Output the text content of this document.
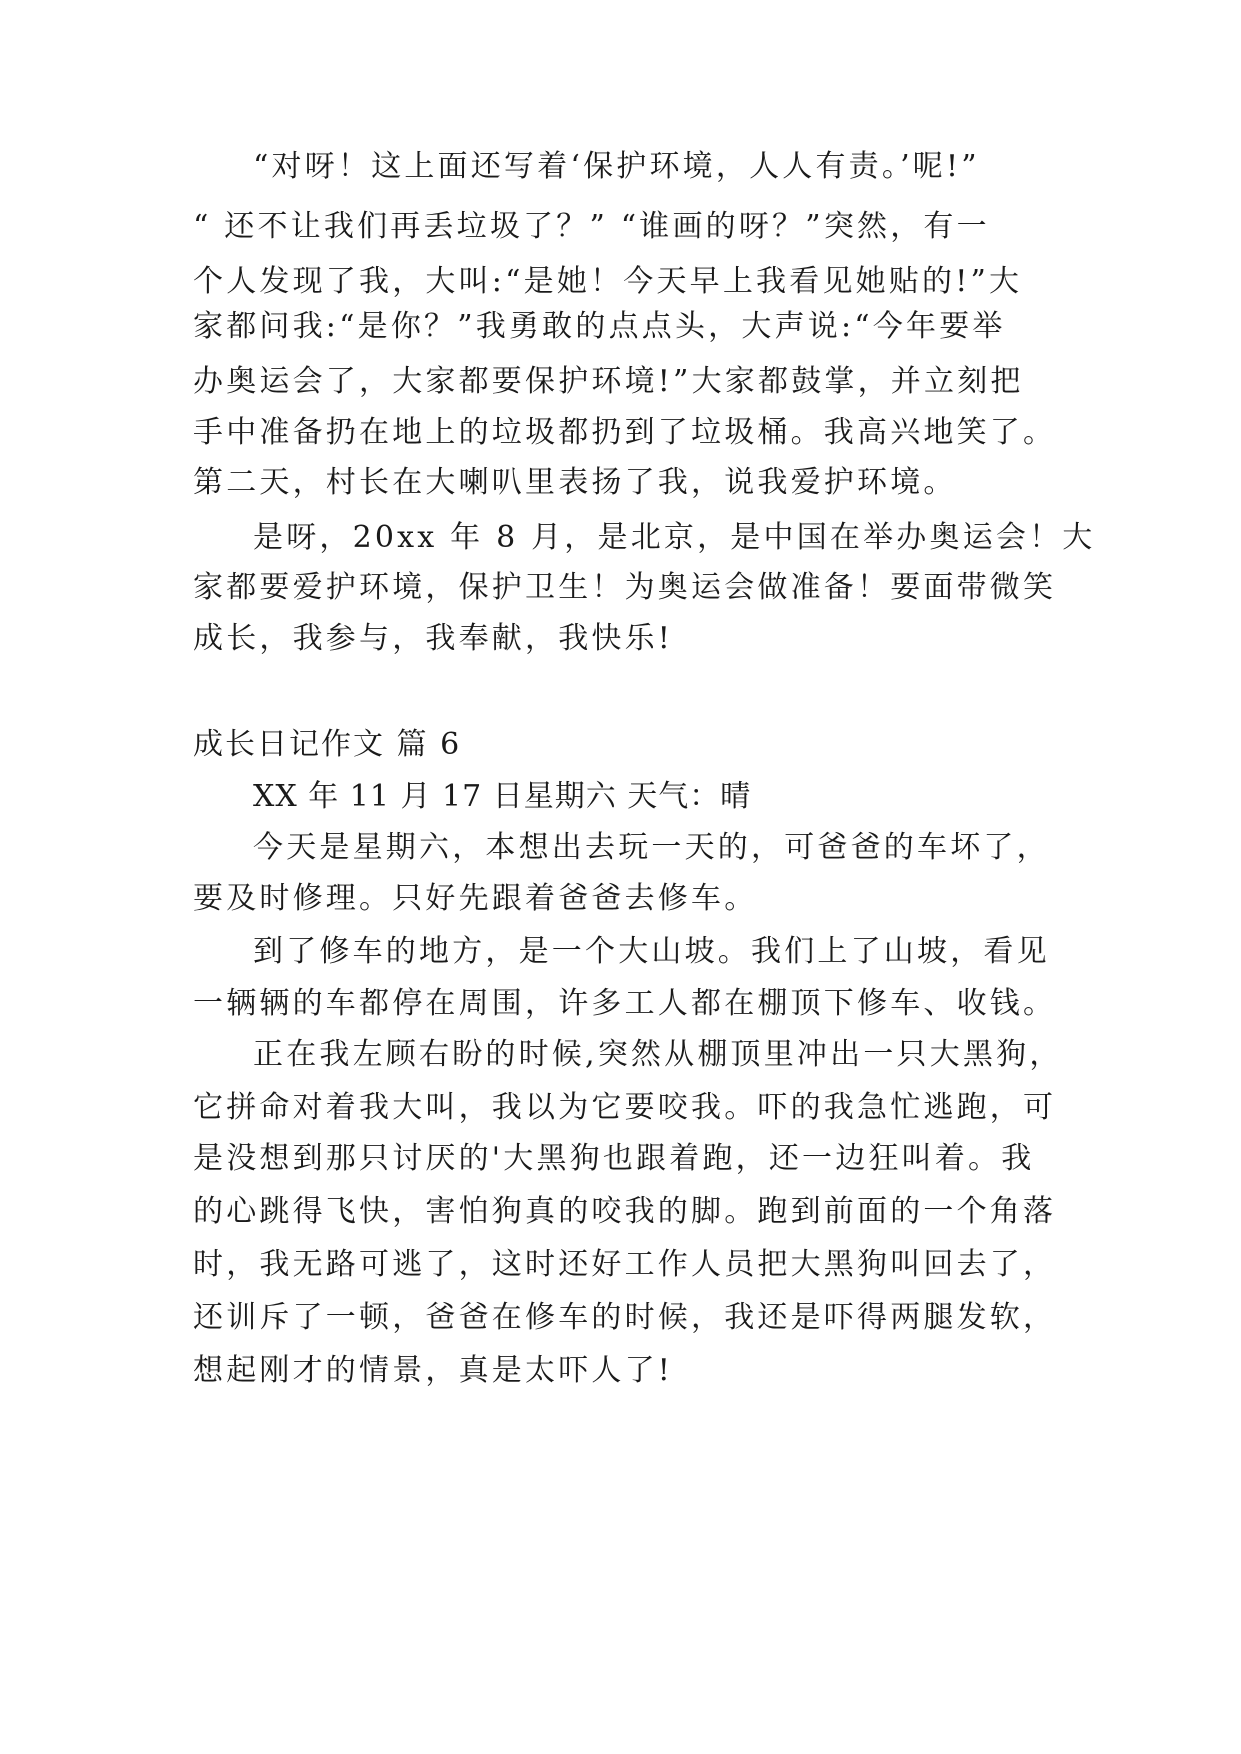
“对呀！这上面还写着‘保护环境，人人有责。’呢!”
“ 还不让我们再丢垃圾了？” “谁画的呀？”突然，有一
个人发现了我，大叫:“是她！今天早上我看见她贴的!”大
家都问我:“是你？”我勇敢的点点头，大声说:“今年要举
办奥运会了，大家都要保护环境!”大家都鼓掌，并立刻把
手中准备扔在地上的垃圾都扔到了垃圾桶。我高兴地笑了。
第二天，村长在大喇叭里表扬了我，说我爱护环境。
是呀，20xx 年 8 月，是北京，是中国在举办奥运会！大
家都要爱护环境，保护卫生！为奥运会做准备！要面带微笑
成长，我参与，我奉献，我快乐!
成长日记作文 篇 6
XX 年 11 月 17 日星期六 天气：晴
今天是星期六，本想出去玩一天的，可爸爸的车坏了，
要及时修理。只好先跟着爸爸去修车。
到了修车的地方，是一个大山坡。我们上了山坡，看见
一辆辆的车都停在周围，许多工人都在棚顶下修车、收钱。
正在我左顾右盼的时候,突然从棚顶里冲出一只大黑狗，
它拼命对着我大叫，我以为它要咬我。吓的我急忙逃跑，可
是没想到那只讨厌的'大黑狗也跟着跑，还一边狂叫着。我
的心跳得飞快，害怕狗真的咬我的脚。跑到前面的一个角落
时，我无路可逃了，这时还好工作人员把大黑狗叫回去了，
还训斥了一顿，爸爸在修车的时候，我还是吓得两腿发软，
想起刚才的情景，真是太吓人了!
